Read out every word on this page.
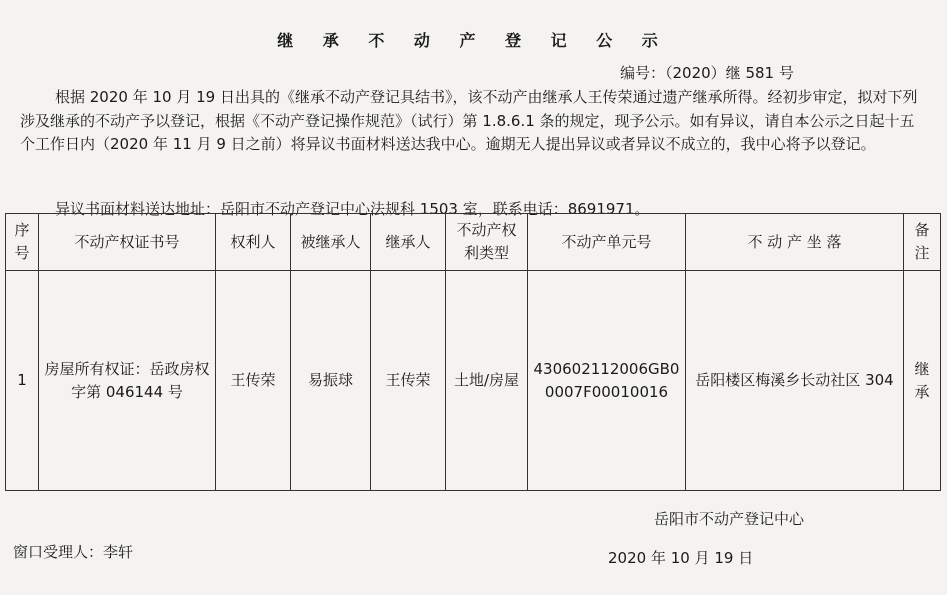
继 承 不 动 产 登 记 公 示
编号：（2020）继 581 号
根据 2020 年 10 月 19 日出具的《继承不动产登记具结书》，该不动产由继承人王传荣通过遗产继承所得。经初步审定，拟对下列涉及继承的不动产予以登记，根据《不动产登记操作规范》（试行）第 1.8.6.1 条的规定，现予公示。如有异议，请自本公示之日起十五个工作日内（2020 年 11 月 9 日之前）将异议书面材料送达我中心。逾期无人提出异议或者异议不成立的，我中心将予以登记。
异议书面材料送达地址：岳阳市不动产登记中心法规科 1503 室，联系电话：8691971。
序号	不动产权证书号	权利人	被继承人	继承人	不动产权利类型	不动产单元号	不 动 产 坐 落	备注
1	房屋所有权证：岳政房权字第 046144 号	王传荣	易振球	王传荣	土地/房屋	430602112006GB00007F00010016	岳阳楼区梅溪乡长动社区 304	继承
岳阳市不动产登记中心
窗口受理人：李轩	2020 年 10 月 19 日
